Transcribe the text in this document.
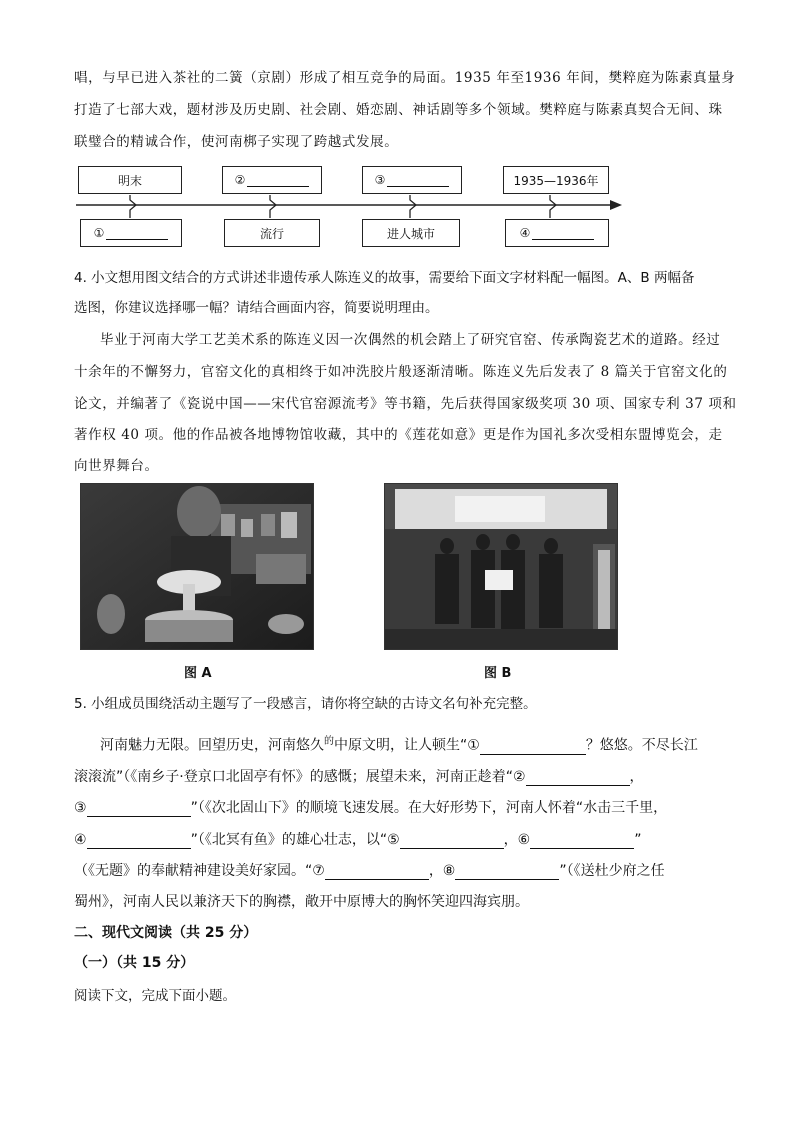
唱，与早已进入茶社的二簧（京剧）形成了相互竞争的局面。1935 年至1936 年间，樊粹庭为陈素真量身
打造了七部大戏，题材涉及历史剧、社会剧、婚恋剧、神话剧等多个领域。樊粹庭与陈素真契合无间、珠
联璧合的精诚合作，使河南梆子实现了跨越式发展。
明末	②	③	1935—1936年
①	流行	进人城市	④
4. 小文想用图文结合的方式讲述非遗传承人陈连义的故事，需要给下面文字材料配一幅图。A、B 两幅备
选图，你建议选择哪一幅？请结合画面内容，简要说明理由。
毕业于河南大学工艺美术系的陈连义因一次偶然的机会踏上了研究官窑、传承陶瓷艺术的道路。经过
十余年的不懈努力，官窑文化的真相终于如冲洗胶片般逐渐清晰。陈连义先后发表了 8 篇关于官窑文化的
论文，并编著了《瓷说中国——宋代官窑源流考》等书籍，先后获得国家级奖项 30 项、国家专利 37 项和
著作权 40 项。他的作品被各地博物馆收藏，其中的《莲花如意》更是作为国礼多次受相东盟博览会，走
向世界舞台。
图 A	图 B
5. 小组成员围绕活动主题写了一段感言，请你将空缺的古诗文名句补充完整。
河南魅力无限。回望历史，河南悠久$^的$中原文明，让人顿生“①	？悠悠。不尽长江
滚滚流”（《南乡子·登京口北固亭有怀》的感慨；展望未来，河南正趁着“②	，
③	”（《次北固山下》的顺境飞速发展。在大好形势下，河南人怀着“水击三千里，
④	”（《北冥有鱼》的雄心壮志，以“⑤	，⑥	”
（《无题》的奉献精神建设美好家园。“⑦	，⑧	”（《送杜少府之任
蜀州》，河南人民以兼济天下的胸襟，敞开中原博大的胸怀笑迎四海宾朋。
二、现代文阅读（共 25 分）
（一）（共 15 分）
阅读下文，完成下面小题。
